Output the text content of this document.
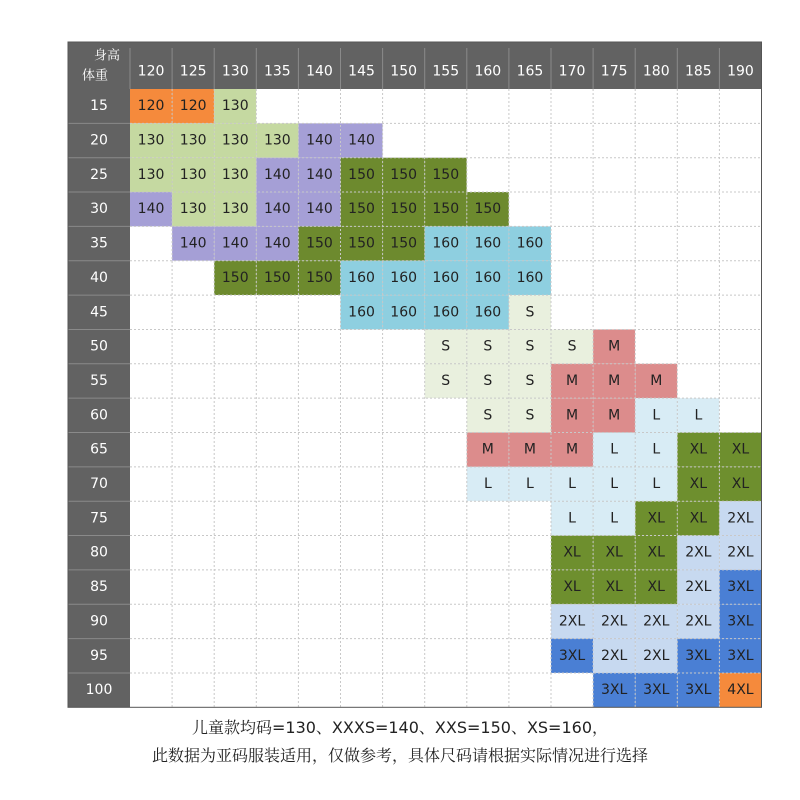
身高
体重 120 125 130 135 140 145 150 155 160 165 170 175 180 185 190
15
20
25
30
35
40
45
50
55
60
65
70
75
80
85
90
95
100
120 120 130
130 130 130 130 140 140
130 130 130 140 140 150 150 150
140 130 130 140 140 150 150 150 150
140 140 140 150 150 150 160 160 160
150 150 150 160 160 160 160 160
160 160 160 160 S
S S S S M
S S S M M M
S S M M L L
M M M L L XL XL
L L L L L XL XL
L L XL XL 2XL
XL XL XL 2XL 2XL
XL XL XL 2XL 3XL
2XL 2XL 2XL 2XL 3XL
3XL 2XL 2XL 3XL 3XL
3XL 3XL 3XL 4XL
儿童款均码=130、XXXS=140、XXS=150、XS=160，
此数据为亚码服装适用，仅做参考，具体尺码请根据实际情况进行选择
